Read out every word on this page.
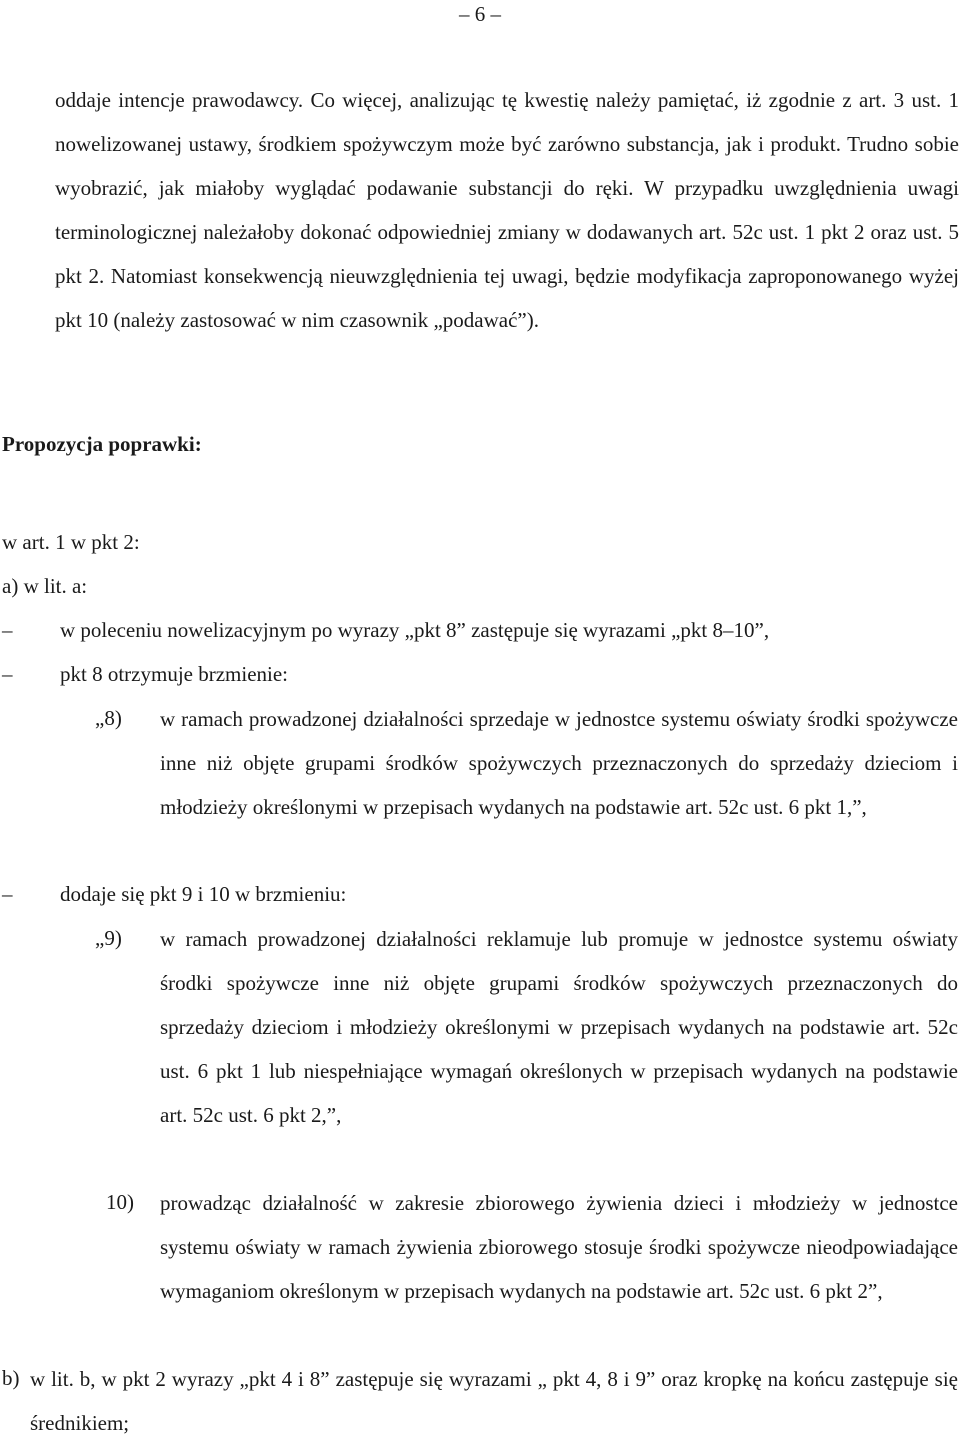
– 6 –
oddaje intencje prawodawcy. Co więcej, analizując tę kwestię należy pamiętać, iż zgodnie z art. 3 ust. 1 nowelizowanej ustawy, środkiem spożywczym może być zarówno substancja, jak i produkt. Trudno sobie wyobrazić, jak miałoby wyglądać podawanie substancji do ręki. W przypadku uwzględnienia uwagi terminologicznej należałoby dokonać odpowiedniej zmiany w dodawanych art. 52c ust. 1 pkt 2 oraz ust. 5 pkt 2. Natomiast konsekwencją nieuwzględnienia tej uwagi, będzie modyfikacja zaproponowanego wyżej pkt 10 (należy zastosować w nim czasownik „podawać”).
Propozycja poprawki:
w art. 1 w pkt 2:
a) w lit. a:
– w poleceniu nowelizacyjnym po wyrazy „pkt 8” zastępuje się wyrazami „pkt 8–10”,
– pkt 8 otrzymuje brzmienie:
„8) w ramach prowadzonej działalności sprzedaje w jednostce systemu oświaty środki spożywcze inne niż objęte grupami środków spożywczych przeznaczonych do sprzedaży dzieciom i młodzieży określonymi w przepisach wydanych na podstawie art. 52c ust. 6 pkt 1,”,
– dodaje się pkt 9 i 10 w brzmieniu:
„9) w ramach prowadzonej działalności reklamuje lub promuje w jednostce systemu oświaty środki spożywcze inne niż objęte grupami środków spożywczych przeznaczonych do sprzedaży dzieciom i młodzieży określonymi w przepisach wydanych na podstawie art. 52c ust. 6 pkt 1 lub niespełniające wymagań określonych w przepisach wydanych na podstawie art. 52c ust. 6 pkt 2,”,
10) prowadząc działalność w zakresie zbiorowego żywienia dzieci i młodzieży w jednostce systemu oświaty w ramach żywienia zbiorowego stosuje środki spożywcze nieodpowiadające wymaganiom określonym w przepisach wydanych na podstawie art. 52c ust. 6 pkt 2”,
b) w lit. b, w pkt 2 wyrazy „pkt 4 i 8” zastępuje się wyrazami „ pkt 4, 8 i 9” oraz kropkę na końcu zastępuje się średnikiem;
